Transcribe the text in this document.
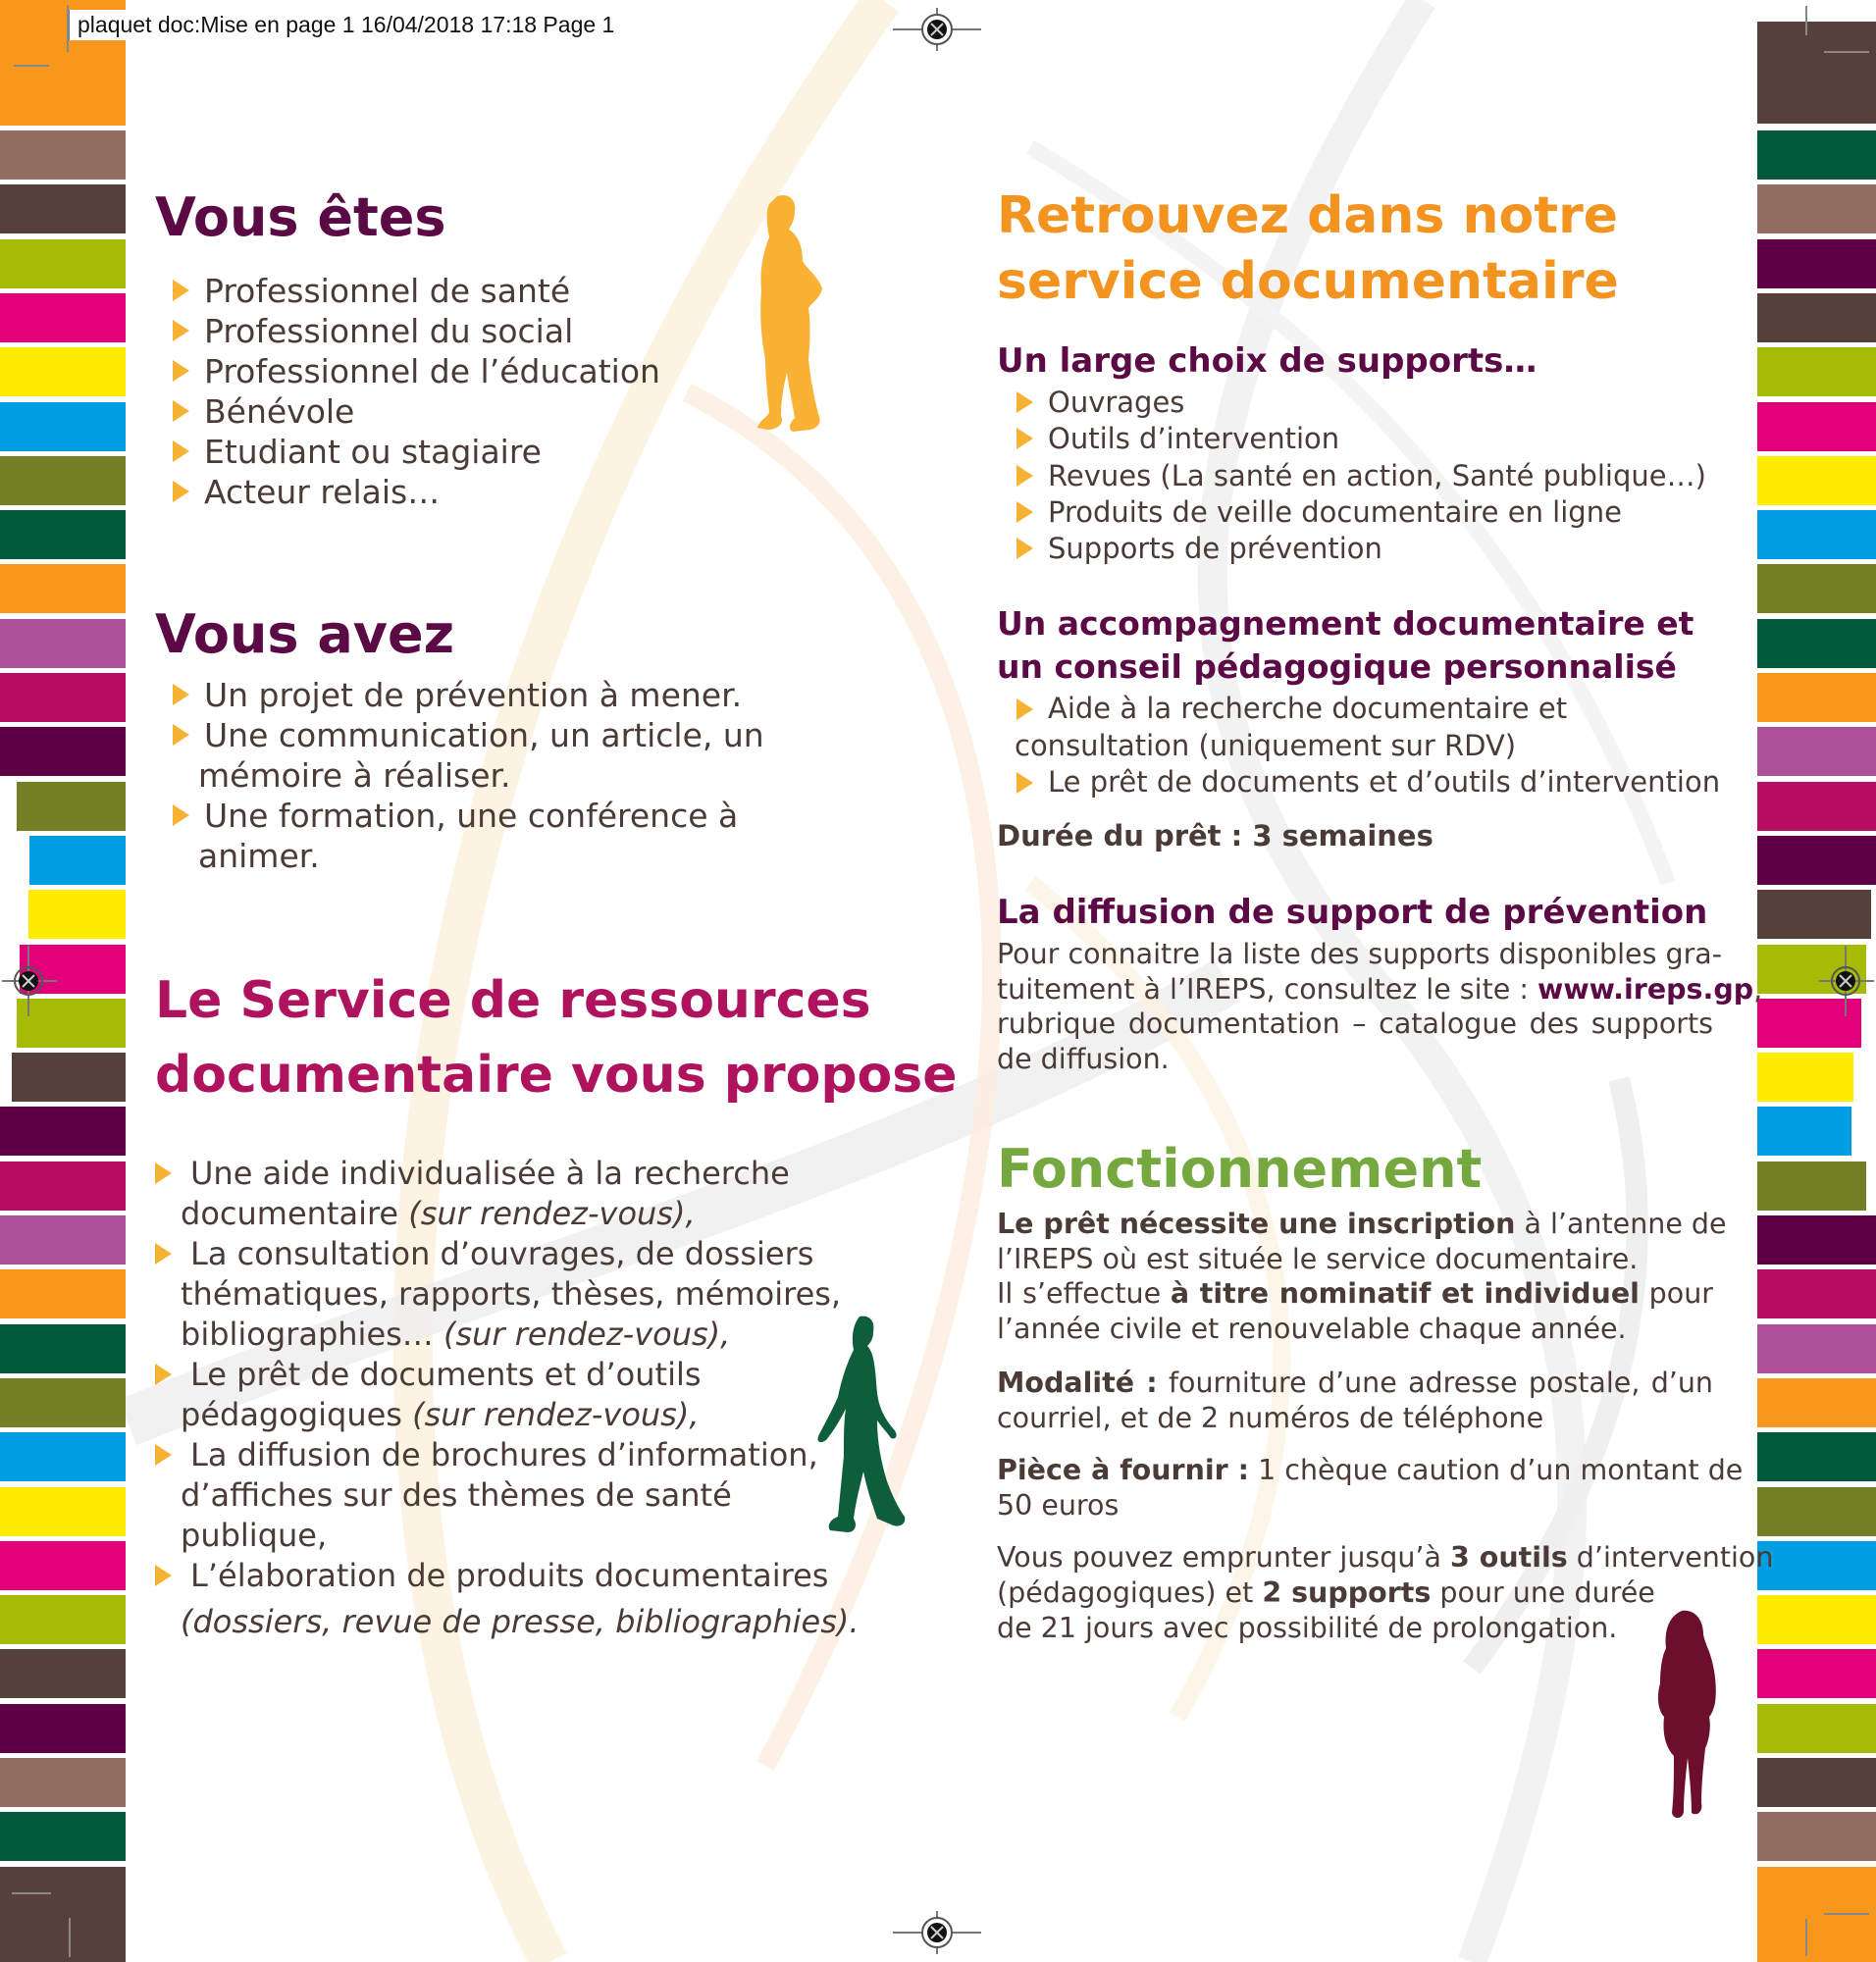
plaquet doc:Mise en page 1 16/04/2018 17:18 Page 1
Vous êtes
Professionnel de santé
Professionnel du social
Professionnel de l’éducation
Bénévole
Etudiant ou stagiaire
Acteur relais…
Vous avez
Un projet de prévention à mener.
Une communication, un article, un
mémoire à réaliser.
Une formation, une conférence à
animer.
Le Service de ressources
documentaire vous propose
Une aide individualisée à la recherche
documentaire (sur rendez-vous),
La consultation d’ouvrages, de dossiers
thématiques, rapports, thèses, mémoires,
bibliographies… (sur rendez-vous),
Le prêt de documents et d’outils
pédagogiques (sur rendez-vous),
La diffusion de brochures d’information,
d’affiches sur des thèmes de santé
publique,
L’élaboration de produits documentaires
(dossiers, revue de presse, bibliographies).
Retrouvez dans notre
service documentaire
Un large choix de supports…
Ouvrages
Outils d’intervention
Revues (La santé en action, Santé publique…)
Produits de veille documentaire en ligne
Supports de prévention
Un accompagnement documentaire et
un conseil pédagogique personnalisé
Aide à la recherche documentaire et
consultation (uniquement sur RDV)
Le prêt de documents et d’outils d’intervention
Durée du prêt : 3 semaines
La diffusion de support de prévention
Pour connaitre la liste des supports disponibles gra-
tuitement à l’IREPS, consultez le site : www.ireps.gp,
rubrique documentation – catalogue des supports
de diffusion.
Fonctionnement
Le prêt nécessite une inscription à l’antenne de
l’IREPS où est située le service documentaire.
Il s’effectue à titre nominatif et individuel pour
l’année civile et renouvelable chaque année.
Modalité : fourniture d’une adresse postale, d’un
courriel, et de 2 numéros de téléphone
Pièce à fournir : 1 chèque caution d’un montant de
50 euros
Vous pouvez emprunter jusqu’à 3 outils d’intervention
(pédagogiques) et 2 supports pour une durée
de 21 jours avec possibilité de prolongation.
